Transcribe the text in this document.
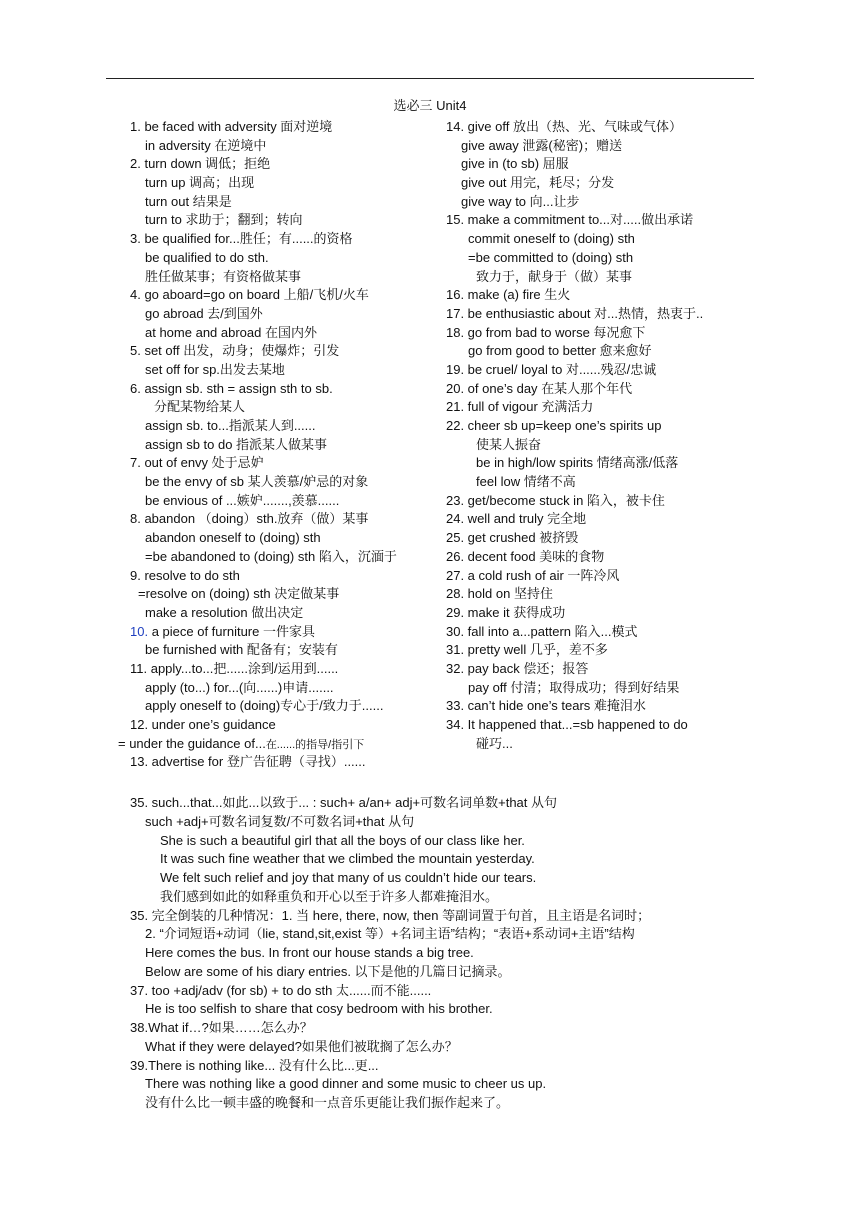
选必三 Unit4
1. be faced with adversity 面对逆境
in adversity 在逆境中
2. turn down 调低；拒绝
turn up 调高；出现
turn out 结果是
turn to 求助于；翻到；转向
3. be qualified for...胜任；有......的资格
be qualified to do sth.
胜任做某事；有资格做某事
4. go aboard=go on board 上船/飞机/火车
go abroad 去/到国外
at home and abroad 在国内外
5. set off 出发，动身；使爆炸；引发
set off for sp.出发去某地
6. assign sb. sth = assign sth to sb.
分配某物给某人
assign sb. to...指派某人到......
assign sb to do 指派某人做某事
7. out of envy 处于忌妒
be the envy of sb 某人羡慕/妒忌的对象
be envious of ...嫉妒.......,羡慕......
8. abandon （doing）sth.放弃（做）某事
abandon oneself to (doing) sth
=be abandoned to (doing) sth 陷入，沉湎于
9. resolve to do sth
=resolve on (doing) sth 决定做某事
make a resolution 做出决定
10. a piece of furniture 一件家具
be furnished with 配备有；安装有
11. apply...to...把......涂到/运用到......
apply (to...) for...(向......)申请.......
apply oneself to (doing)专心于/致力于......
12. under one’s guidance
= under the guidance of...在......的指导/指引下
13. advertise for 登广告征聘（寻找）......
14. give off 放出（热、光、气味或气体）
give away 泄露(秘密)；赠送
give in (to sb) 屈服
give out 用完，耗尽；分发
give way to 向...让步
15. make a commitment to...对.....做出承诺
commit oneself to (doing) sth
=be committed to (doing) sth
致力于，献身于（做）某事
16. make (a) fire 生火
17. be enthusiastic about 对...热情，热衷于..
18. go from bad to worse 每况愈下
go from good to better 愈来愈好
19. be cruel/ loyal to 对......残忍/忠诚
20. of one’s day 在某人那个年代
21. full of vigour 充满活力
22. cheer sb up=keep one’s spirits up
使某人振奋
be in high/low spirits 情绪高涨/低落
feel low 情绪不高
23. get/become stuck in 陷入，被卡住
24. well and truly 完全地
25. get crushed 被挤毁
26. decent food 美味的食物
27. a cold rush of air 一阵冷风
28. hold on 坚持住
29. make it 获得成功
30. fall into a...pattern 陷入...模式
31. pretty well 几乎，差不多
32. pay back 偿还；报答
pay off 付清；取得成功；得到好结果
33. can’t hide one’s tears 难掩泪水
34. It happened that...=sb happened to do
碰巧...
35. such...that...如此...以致于... : such+ a/an+ adj+可数名词单数+that 从句
such +adj+可数名词复数/不可数名词+that 从句
She is such a beautiful girl that all the boys of our class like her.
It was such fine weather that we climbed the mountain yesterday.
We felt such relief and joy that many of us couldn’t hide our tears.
我们感到如此的如释重负和开心以至于许多人都难掩泪水。
35. 完全倒装的几种情况：1. 当 here, there, now, then 等副词置于句首，且主语是名词时；
2. “介词短语+动词（lie, stand,sit,exist 等）+名词主语”结构；“表语+系动词+主语”结构
Here comes the bus. In front our house stands a big tree.
Below are some of his diary entries. 以下是他的几篇日记摘录。
37. too +adj/adv (for sb) + to do sth 太......而不能......
He is too selfish to share that cosy bedroom with his brother.
38.What if…?如果……怎么办？
What if they were delayed?如果他们被耽搁了怎么办？
39.There is nothing like... 没有什么比...更...
There was nothing like a good dinner and some music to cheer us up.
没有什么比一顿丰盛的晚餐和一点音乐更能让我们振作起来了。
